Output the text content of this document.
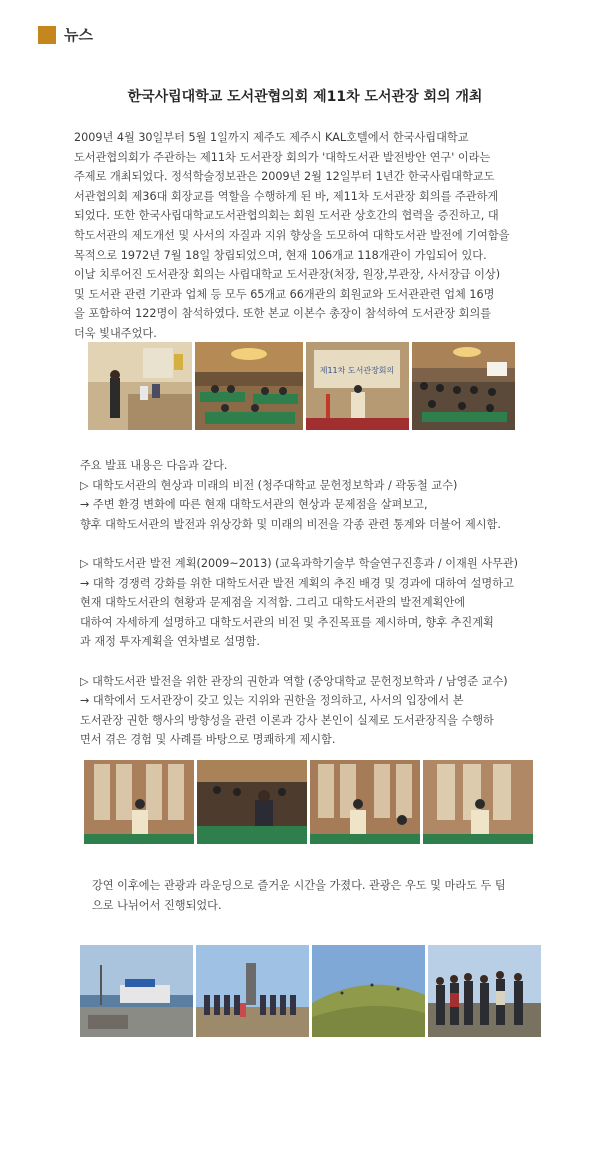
뉴스
한국사립대학교 도서관협의회 제11차 도서관장 회의 개최

2009년 4월 30일부터 5월 1일까지 제주도 제주시 KAL호텔에서 한국사립대학교
도서관협의회가 주관하는 제11차 도서관장 회의가 '대학도서관 발전방안 연구' 이라는
주제로 개최되었다. 정석학술정보관은 2009년 2월 12일부터 1년간 한국사립대학교도
서관협의회 제36대 회장교를 역할을 수행하게 된 바, 제11차 도서관장 회의를 주관하게
되었다. 또한 한국사립대학교도서관협의회는 회원 도서관 상호간의 협력을 증진하고, 대
학도서관의 제도개선 및 사서의 자질과 지위 향상을 도모하여 대학도서관 발전에 기여함을
목적으로 1972년 7월 18일 창립되었으며, 현재 106개교 118개관이 가입되어 있다.
이날 치루어진 도서관장 회의는 사립대학교 도서관장(처장, 원장,부관장, 사서장급 이상)
및 도서관 관련 기관과 업체 등 모두 65개교 66개관의 회원교와 도서관관련 업체 16명
을 포함하여 122명이 참석하였다. 또한 본교 이본수 총장이 참석하여 도서관장 회의를
더욱 빛내주었다.

제11차 도서관장회의

주요 발표 내용은 다음과 같다.
▷ 대학도서관의 현상과 미래의 비전 (청주대학교 문헌정보학과 / 곽동철 교수)
→ 주변 환경 변화에 따른 현재 대학도서관의 현상과 문제점을 살펴보고,
향후 대학도서관의 발전과 위상강화 및 미래의 비전을 각종 관련 통계와 더불어 제시함.

▷ 대학도서관 발전 계획(2009~2013) (교육과학기술부 학술연구진흥과 / 이재원 사무관)
→ 대학 경쟁력 강화를 위한 대학도서관 발전 계획의 추진 배경 및 경과에 대하여 설명하고
현재 대학도서관의 현황과 문제점을 지적함. 그리고 대학도서관의 발전계획안에
대하여 자세하게 설명하고 대학도서관의 비전 및 추진목표를 제시하며, 향후 추진계획
과 재정 투자계획을 연차별로 설명함.

▷ 대학도서관 발전을 위한 관장의 권한과 역할 (중앙대학교 문헌정보학과 / 남영준 교수)
→ 대학에서 도서관장이 갖고 있는 지위와 권한을 정의하고, 사서의 입장에서 본
도서관장 권한 행사의 방향성을 관련 이론과 강사 본인이 실제로 도서관장직을 수행하
면서 겪은 경험 및 사례를 바탕으로 명쾌하게 제시함.

강연 이후에는 관광과 라운딩으로 즐거운 시간을 가졌다. 관광은 우도 및 마라도 두 팀
으로 나뉘어서 진행되었다.
